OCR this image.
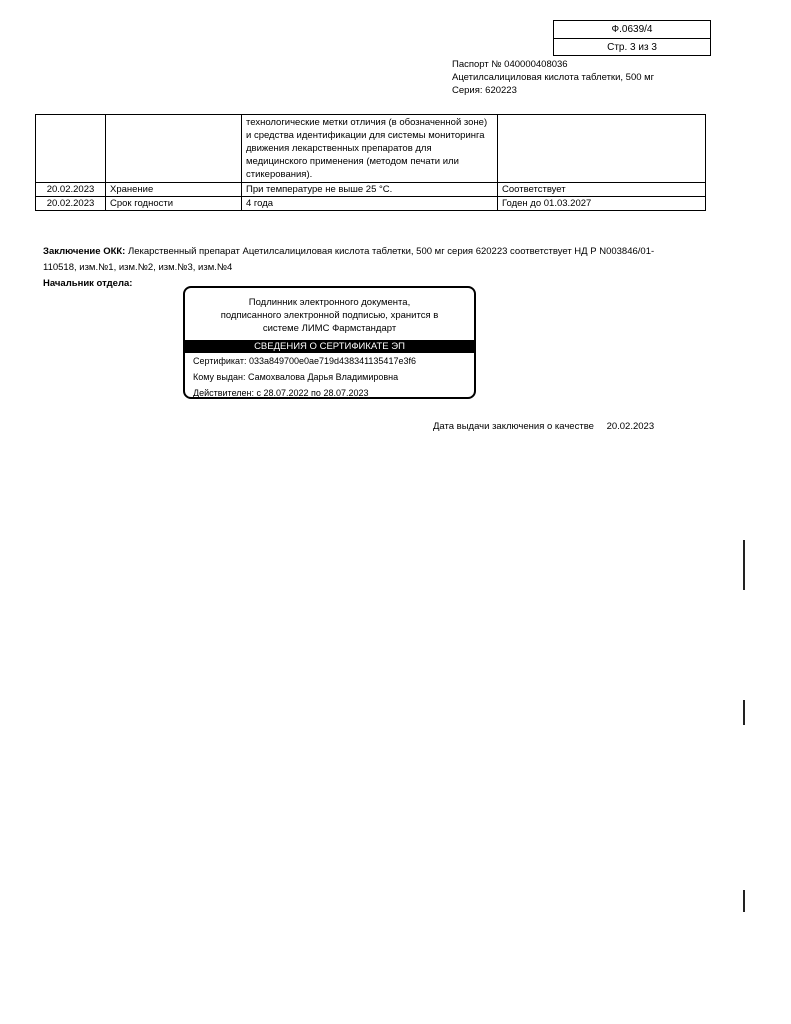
Ф.0639/4
Стр. 3 из 3
Паспорт № 040000408036
Ацетилсалициловая кислота таблетки, 500 мг
Серия: 620223
		технологические метки отличия (в обозначенной зоне) и средства идентификации для системы мониторинга движения лекарственных препаратов для медицинского применения (методом печати или стикерования).	
20.02.2023	Хранение	При температуре не выше 25 °С.	Соответствует
20.02.2023	Срок годности	4 года	Годен до 01.03.2027
Заключение ОКК: Лекарственный препарат Ацетилсалициловая кислота таблетки, 500 мг серия 620223 соответствует НД Р N003846/01-110518, изм.№1, изм.№2, изм.№3, изм.№4
Начальник отдела:
Подлинник электронного документа,
подписанного электронной подписью, хранится в
системе ЛИМС Фармстандарт
СВЕДЕНИЯ О СЕРТИФИКАТЕ ЭП
Сертификат: 033a849700e0ae719d438341135417e3f6
Кому выдан: Самохвалова Дарья Владимировна
Действителен: с 28.07.2022 по 28.07.2023
Дата выдачи заключения о качестве 20.02.2023
